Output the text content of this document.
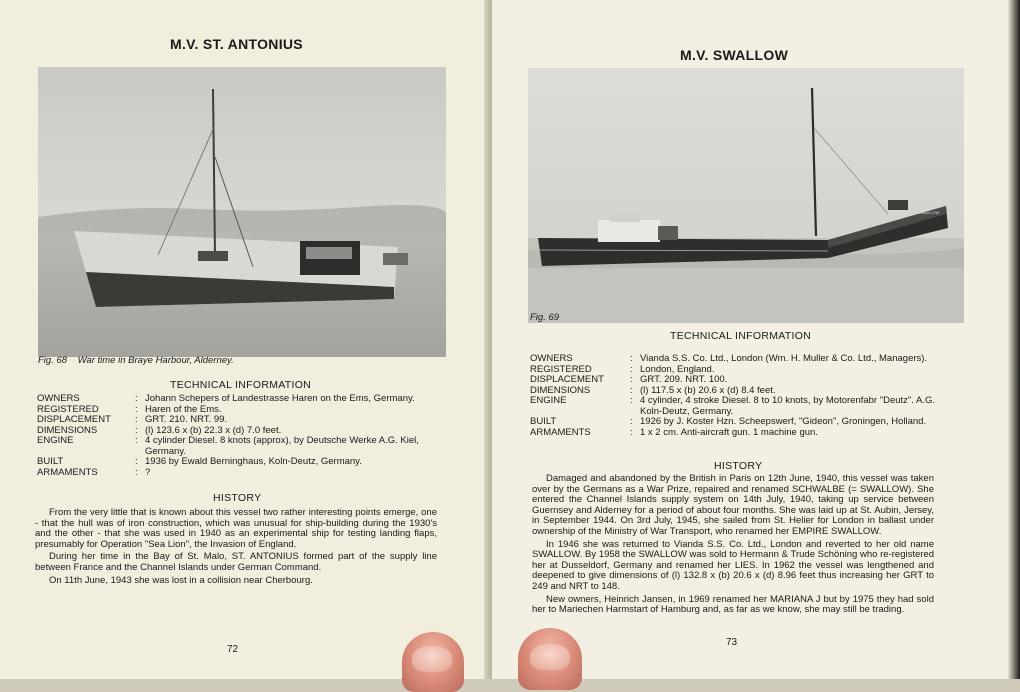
M.V. ST. ANTONIUS
Fig. 68 War time in Braye Harbour, Alderney.
TECHNICAL INFORMATION
OWNERS	: Johann Schepers of Landestrasse Haren on the Ems, Germany.
REGISTERED	: Haren of the Ems.
DISPLACEMENT	: GRT. 210. NRT. 99.
DIMENSIONS	: (l) 123.6 x (b) 22.3 x (d) 7.0 feet.
ENGINE	: 4 cylinder Diesel. 8 knots (approx), by Deutsche Werke A.G. Kiel, Germany.
BUILT	: 1936 by Ewald Berninghaus, Koln-Deutz, Germany.
ARMAMENTS	: ?
HISTORY

From the very little that is known about this vessel two rather interesting points emerge, one - that the hull was of iron construction, which was unusual for ship-building during the 1930's and the other - that she was used in 1940 as an experimental ship for testing landing flaps, presumably for Operation "Sea Lion", the Invasion of England.

During her time in the Bay of St. Malo, ST. ANTONIUS formed part of the supply line between France and the Channel Islands under German Command.

On 11th June, 1943 she was lost in a collision near Cherbourg.

72
M.V. SWALLOW
SWALLOW
Fig. 69
TECHNICAL INFORMATION
OWNERS	: Vianda S.S. Co. Ltd., London (Wm. H. Muller & Co. Ltd., Managers).
REGISTERED	: London, England.
DISPLACEMENT	: GRT. 209. NRT. 100.
DIMENSIONS	: (l) 117.5 x (b) 20.6 x (d) 8.4 feet.
ENGINE	: 4 cylinder, 4 stroke Diesel. 8 to 10 knots, by Motorenfabr "Deutz". A.G. Koln-Deutz, Germany.
BUILT	: 1926 by J. Koster Hzn. Scheepswerf, "Gideon", Groningen, Holland.
ARMAMENTS	: 1 x 2 cm. Anti-aircraft gun. 1 machine gun.
HISTORY

Damaged and abandoned by the British in Paris on 12th June, 1940, this vessel was taken over by the Germans as a War Prize, repaired and renamed SCHWALBE (= SWALLOW). She entered the Channel Islands supply system on 14th July, 1940, taking up service between Guernsey and Alderney for a period of about four months. She was laid up at St. Aubin, Jersey, in September 1944. On 3rd July, 1945, she sailed from St. Helier for London in ballast under ownership of the Ministry of War Transport, who renamed her EMPIRE SWALLOW.

In 1946 she was returned to Vianda S.S. Co. Ltd., London and reverted to her old name SWALLOW. By 1958 the SWALLOW was sold to Hermann & Trude Schöning who re-registered her at Dusseldorf, Germany and renamed her LIES. In 1962 the vessel was lengthened and deepened to give dimensions of (l) 132.8 x (b) 20.6 x (d) 8.96 feet thus increasing her GRT to 249 and NRT to 148.

New owners, Heinrich Jansen, in 1969 renamed her MARIANA J but by 1975 they had sold her to Mariechen Harmstart of Hamburg and, as far as we know, she may still be trading.

73
